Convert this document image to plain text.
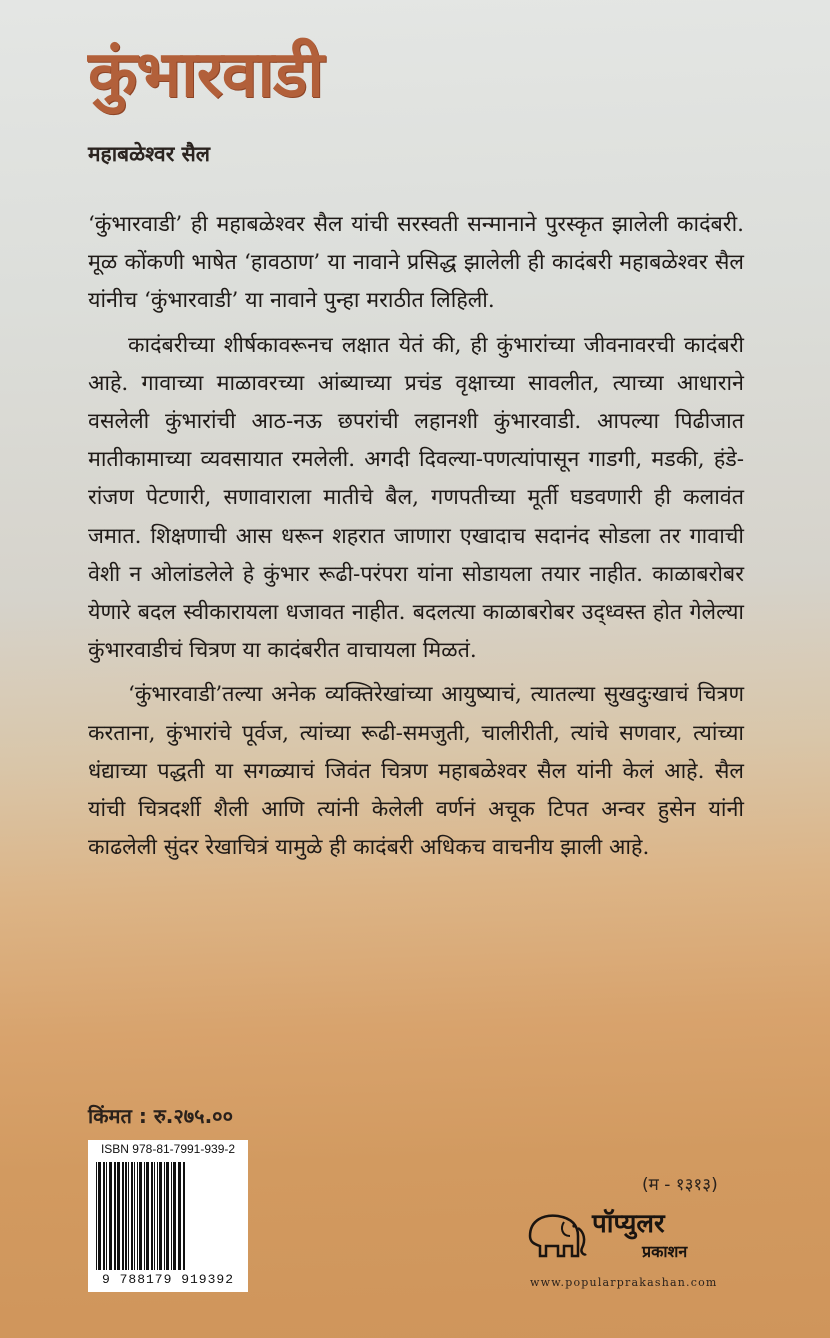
कुंभारवाडी
महाबळेश्वर सैल

‘कुंभारवाडी’ ही महाबळेश्वर सैल यांची सरस्वती सन्मानाने पुरस्कृत झालेली कादंबरी. मूळ कोंकणी भाषेत ‘हावठाण’ या नावाने प्रसिद्ध झालेली ही कादंबरी महाबळेश्वर सैल यांनीच ‘कुंभारवाडी’ या नावाने पुन्हा मराठीत लिहिली.

कादंबरीच्या शीर्षकावरूनच लक्षात येतं की, ही कुंभारांच्या जीवनावरची कादंबरी आहे. गावाच्या माळावरच्या आंब्याच्या प्रचंड वृक्षाच्या सावलीत, त्याच्या आधाराने वसलेली कुंभारांची आठ-नऊ छपरांची लहानशी कुंभारवाडी. आपल्या पिढीजात मातीकामाच्या व्यवसायात रमलेली. अगदी दिवल्या-पणत्यांपासून गाडगी, मडकी, हंडे-रांजण पेटणारी, सणावाराला मातीचे बैल, गणपतीच्या मूर्ती घडवणारी ही कलावंत जमात. शिक्षणाची आस धरून शहरात जाणारा एखादाच सदानंद सोडला तर गावाची वेशी न ओलांडलेले हे कुंभार रूढी-परंपरा यांना सोडायला तयार नाहीत. काळाबरोबर येणारे बदल स्वीकारायला धजावत नाहीत. बदलत्या काळाबरोबर उद्ध्वस्त होत गेलेल्या कुंभारवाडीचं चित्रण या कादंबरीत वाचायला मिळतं.

‘कुंभारवाडी’तल्या अनेक व्यक्तिरेखांच्या आयुष्याचं, त्यातल्या सुखदुःखाचं चित्रण करताना, कुंभारांचे पूर्वज, त्यांच्या रूढी-समजुती, चालीरीती, त्यांचे सणवार, त्यांच्या धंद्याच्या पद्धती या सगळ्याचं जिवंत चित्रण महाबळेश्वर सैल यांनी केलं आहे. सैल यांची चित्रदर्शी शैली आणि त्यांनी केलेली वर्णनं अचूक टिपत अन्वर हुसेन यांनी काढलेली सुंदर रेखाचित्रं यामुळे ही कादंबरी अधिकच वाचनीय झाली आहे.

किंमत : रु.२७५.००

ISBN 978-81-7991-939-2
9 788179 919392

(म - १३१३)

पॉप्युलर

प्रकाशन

www.popularprakashan.com
